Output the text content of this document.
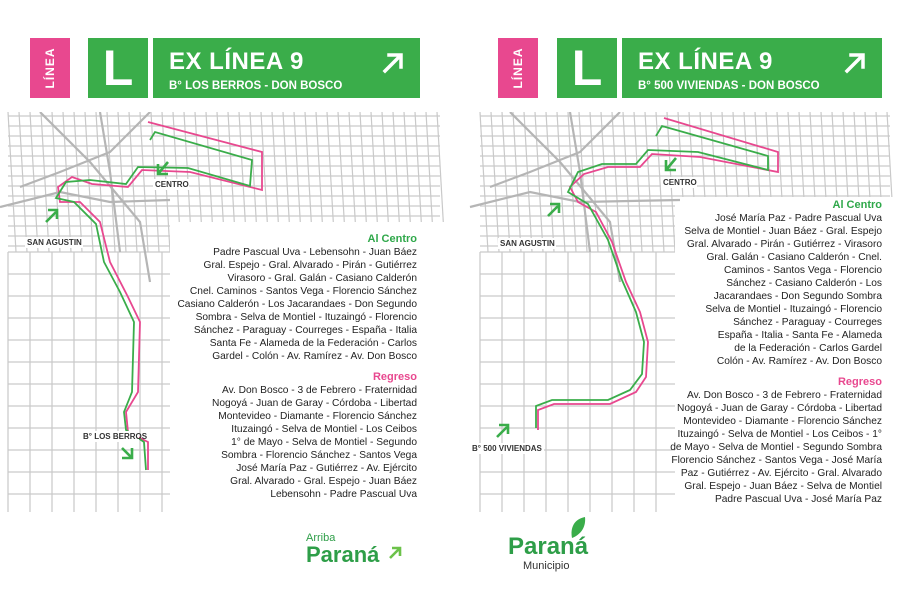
LÍNEA L	EX LÍNEA 9
B° LOS BERROS - DON BOSCO
CENTRO
SAN AGUSTIN
B° LOS BERROS
Al Centro
Padre Pascual Uva - Lebensohn - Juan Báez
Gral. Espejo - Gral. Alvarado - Pirán - Gutiérrez
Virasoro - Gral. Galán - Casiano Calderón
Cnel. Caminos - Santos Vega - Florencio Sánchez
Casiano Calderón - Los Jacarandaes - Don Segundo
Sombra - Selva de Montiel - Ituzaingó - Florencio
Sánchez - Paraguay - Courreges - España - Italia
Santa Fe - Alameda de la Federación - Carlos
Gardel - Colón - Av. Ramírez - Av. Don Bosco
Regreso
Av. Don Bosco - 3 de Febrero - Fraternidad
Nogoyá - Juan de Garay - Córdoba - Libertad
Montevideo - Diamante - Florencio Sánchez
Ituzaingó - Selva de Montiel - Los Ceibos
1° de Mayo - Selva de Montiel - Segundo
Sombra - Florencio Sánchez - Santos Vega
José María Paz - Gutiérrez - Av. Ejército
Gral. Alvarado - Gral. Espejo - Juan Báez
Lebensohn - Padre Pascual Uva
Arriba
Paraná
LÍNEA L	EX LÍNEA 9
B° 500 VIVIENDAS - DON BOSCO
CENTRO
SAN AGUSTIN
B° 500 VIVIENDAS
Al Centro
José María Paz - Padre Pascual Uva
Selva de Montiel - Juan Báez - Gral. Espejo
Gral. Alvarado - Pirán - Gutiérrez - Virasoro
Gral. Galán - Casiano Calderón - Cnel.
Caminos - Santos Vega - Florencio
Sánchez - Casiano Calderón - Los
Jacarandaes - Don Segundo Sombra
Selva de Montiel - Ituzaingó - Florencio
Sánchez - Paraguay - Courreges
España - Italia - Santa Fe - Alameda
de la Federación - Carlos Gardel
Colón - Av. Ramírez - Av. Don Bosco
Regreso
Av. Don Bosco - 3 de Febrero - Fraternidad
Nogoyá - Juan de Garay - Córdoba - Libertad
Montevideo - Diamante - Florencio Sánchez
Ituzaingó - Selva de Montiel - Los Ceibos - 1°
de Mayo - Selva de Montiel - Segundo Sombra
Florencio Sánchez - Santos Vega - José María
Paz - Gutiérrez - Av. Ejército - Gral. Alvarado
Gral. Espejo - Juan Báez - Selva de Montiel
Padre Pascual Uva - José María Paz
Paraná
Municipio
